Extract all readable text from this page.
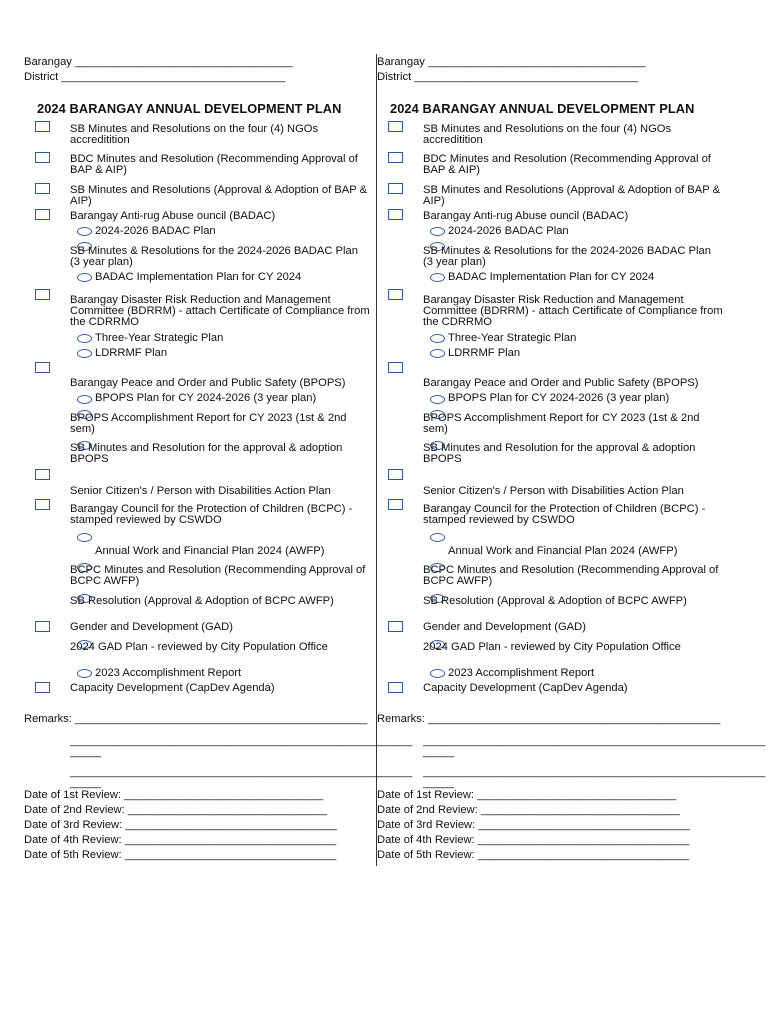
Barangay ___________________________________
District ____________________________________
2024 BARANGAY ANNUAL DEVELOPMENT PLAN
SB Minutes and Resolutions on the four (4) NGOs accreditition
BDC Minutes and Resolution (Recommending Approval of BAP & AIP)
SB Minutes and Resolutions (Approval & Adoption of BAP & AIP)
Barangay Anti-rug Abuse ouncil (BADAC)
2024-2026 BADAC Plan
SB Minutes & Resolutions for the 2024-2026 BADAC Plan (3 year plan)
BADAC Implementation Plan for CY 2024
Barangay Disaster Risk Reduction and Management Committee (BDRRM) - attach Certificate of Compliance from the CDRRMO
Three-Year Strategic Plan
LDRRMF Plan
Barangay Peace and Order and Public Safety (BPOPS)
BPOPS Plan for CY 2024-2026 (3 year plan)
BPOPS Accomplishment Report for CY 2023 (1st & 2nd sem)
SB Minutes and Resolution for the approval & adoption BPOPS
Senior Citizen's / Person with Disabilities Action Plan
Barangay Council for the Protection of Children (BCPC) - stamped reviewed by CSWDO
Annual Work and Financial Plan 2024 (AWFP)
BCPC Minutes and Resolution (Recommending Approval of BCPC AWFP)
SB Resolution (Approval & Adoption of BCPC AWFP)
Gender and Development (GAD)
2024 GAD Plan - reviewed by City Population Office
2023 Accomplishment Report
Capacity Development (CapDev Agenda)
Remarks: _______________________________________________
_______________________________________________________
_____
_______________________________________________________
_____
Date of 1st Review: ________________________________
Date of 2nd Review: ________________________________
Date of 3rd Review: __________________________________
Date of 4th Review: __________________________________
Date of 5th Review: __________________________________
Barangay ___________________________________
District ____________________________________
2024 BARANGAY ANNUAL DEVELOPMENT PLAN
SB Minutes and Resolutions on the four (4) NGOs accreditition
BDC Minutes and Resolution (Recommending Approval of BAP & AIP)
SB Minutes and Resolutions (Approval & Adoption of BAP & AIP)
Barangay Anti-rug Abuse ouncil (BADAC)
2024-2026 BADAC Plan
SB Minutes & Resolutions for the 2024-2026 BADAC Plan (3 year plan)
BADAC Implementation Plan for CY 2024
Barangay Disaster Risk Reduction and Management Committee (BDRRM) - attach Certificate of Compliance from the CDRRMO
Three-Year Strategic Plan
LDRRMF Plan
Barangay Peace and Order and Public Safety (BPOPS)
BPOPS Plan for CY 2024-2026 (3 year plan)
BPOPS Accomplishment Report for CY 2023 (1st & 2nd sem)
SB Minutes and Resolution for the approval & adoption BPOPS
Senior Citizen's / Person with Disabilities Action Plan
Barangay Council for the Protection of Children (BCPC) - stamped reviewed by CSWDO
Annual Work and Financial Plan 2024 (AWFP)
BCPC Minutes and Resolution (Recommending Approval of BCPC AWFP)
SB Resolution (Approval & Adoption of BCPC AWFP)
Gender and Development (GAD)
2024 GAD Plan - reviewed by City Population Office
2023 Accomplishment Report
Capacity Development (CapDev Agenda)
Remarks: _______________________________________________
_______________________________________________________
_____
_______________________________________________________
_____
Date of 1st Review: ________________________________
Date of 2nd Review: ________________________________
Date of 3rd Review: __________________________________
Date of 4th Review: __________________________________
Date of 5th Review: __________________________________
